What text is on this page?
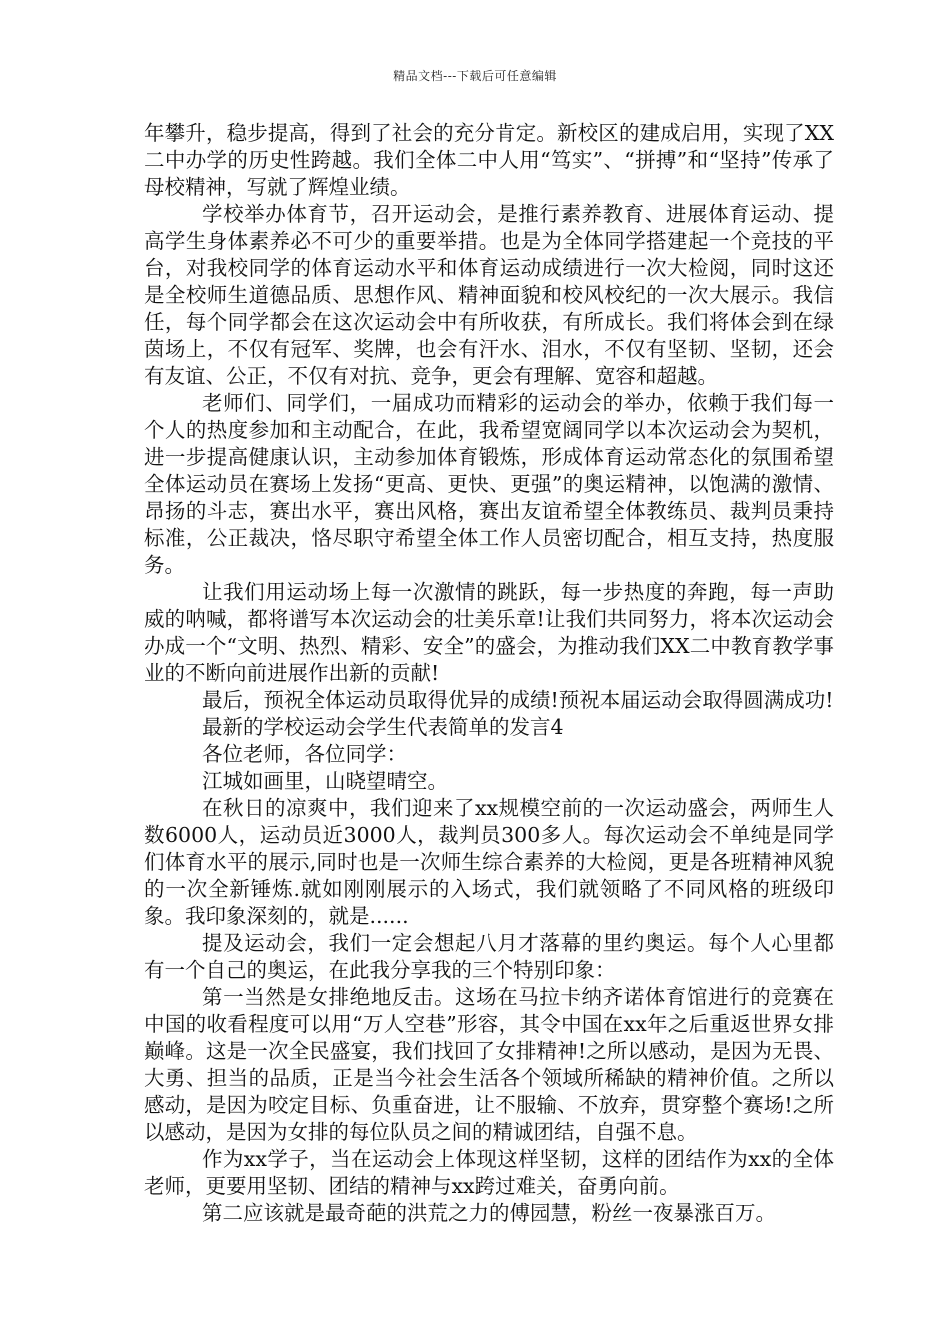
精品文档---下载后可任意编辑

年攀升，稳步提高，得到了社会的充分肯定。新校区的建成启用，实现了XX二中办学的历史性跨越。我们全体二中人用“笃实”、“拼搏”和“坚持”传承了母校精神，写就了辉煌业绩。

学校举办体育节，召开运动会，是推行素养教育、进展体育运动、提高学生身体素养必不可少的重要举措。也是为全体同学搭建起一个竞技的平台，对我校同学的体育运动水平和体育运动成绩进行一次大检阅，同时这还是全校师生道德品质、思想作风、精神面貌和校风校纪的一次大展示。我信任，每个同学都会在这次运动会中有所收获，有所成长。我们将体会到在绿茵场上，不仅有冠军、奖牌，也会有汗水、泪水，不仅有坚韧、坚韧，还会有友谊、公正，不仅有对抗、竞争，更会有理解、宽容和超越。

老师们、同学们，一届成功而精彩的运动会的举办，依赖于我们每一个人的热度参加和主动配合，在此，我希望宽阔同学以本次运动会为契机，进一步提高健康认识，主动参加体育锻炼，形成体育运动常态化的氛围希望全体运动员在赛场上发扬“更高、更快、更强”的奥运精神，以饱满的激情、昂扬的斗志，赛出水平，赛出风格，赛出友谊希望全体教练员、裁判员秉持标准，公正裁决，恪尽职守希望全体工作人员密切配合，相互支持，热度服务。

让我们用运动场上每一次激情的跳跃，每一步热度的奔跑，每一声助威的呐喊，都将谱写本次运动会的壮美乐章!让我们共同努力，将本次运动会办成一个“文明、热烈、精彩、安全”的盛会，为推动我们XX二中教育教学事业的不断向前进展作出新的贡献!

最后，预祝全体运动员取得优异的成绩!预祝本届运动会取得圆满成功!

最新的学校运动会学生代表简单的发言4

各位老师，各位同学：

江城如画里，山晓望晴空。

在秋日的凉爽中，我们迎来了xx规模空前的一次运动盛会，两师生人数6000人，运动员近3000人，裁判员300多人。每次运动会不单纯是同学们体育水平的展示,同时也是一次师生综合素养的大检阅，更是各班精神风貌的一次全新锤炼.就如刚刚展示的入场式，我们就领略了不同风格的班级印象。我印象深刻的，就是......

提及运动会，我们一定会想起八月才落幕的里约奥运。每个人心里都有一个自己的奥运，在此我分享我的三个特别印象：

第一当然是女排绝地反击。这场在马拉卡纳齐诺体育馆进行的竞赛在中国的收看程度可以用“万人空巷”形容，其令中国在xx年之后重返世界女排巅峰。这是一次全民盛宴，我们找回了女排精神!之所以感动，是因为无畏、大勇、担当的品质，正是当今社会生活各个领域所稀缺的精神价值。之所以感动，是因为咬定目标、负重奋进，让不服输、不放弃，贯穿整个赛场!之所以感动，是因为女排的每位队员之间的精诚团结，自强不息。

作为xx学子，当在运动会上体现这样坚韧，这样的团结作为xx的全体老师，更要用坚韧、团结的精神与xx跨过难关，奋勇向前。

第二应该就是最奇葩的洪荒之力的傅园慧，粉丝一夜暴涨百万。
